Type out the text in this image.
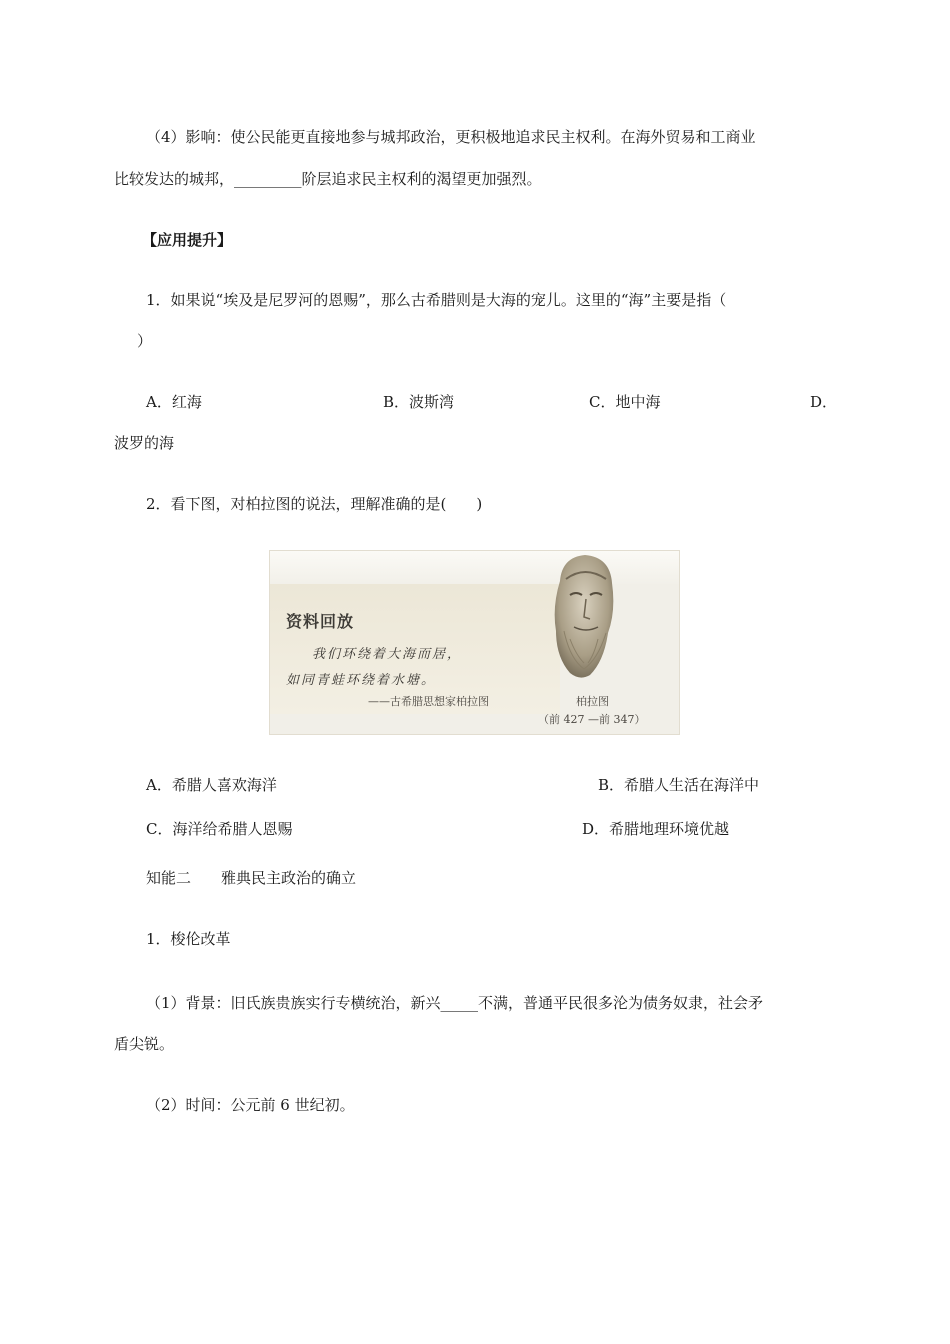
（4）影响：使公民能更直接地参与城邦政治，更积极地追求民主权利。在海外贸易和工商业
比较发达的城邦，_________阶层追求民主权利的渴望更加强烈。
【应用提升】
1．如果说“埃及是尼罗河的恩赐”，那么古希腊则是大海的宠儿。这里的“海”主要是指（
）
A．红海	B．波斯湾	C．地中海	D．
波罗的海
2．看下图，对柏拉图的说法，理解准确的是(　　)
资料回放
我们环绕着大海而居，
如同青蛙环绕着水塘。
——古希腊思想家柏拉图	柏拉图
（前 427 —前 347）
A．希腊人喜欢海洋	B．希腊人生活在海洋中
C．海洋给希腊人恩赐	D．希腊地理环境优越
知能二　　雅典民主政治的确立
1．梭伦改革
（1）背景：旧氏族贵族实行专横统治，新兴_____不满，普通平民很多沦为债务奴隶，社会矛
盾尖锐。
（2）时间：公元前 6 世纪初。
